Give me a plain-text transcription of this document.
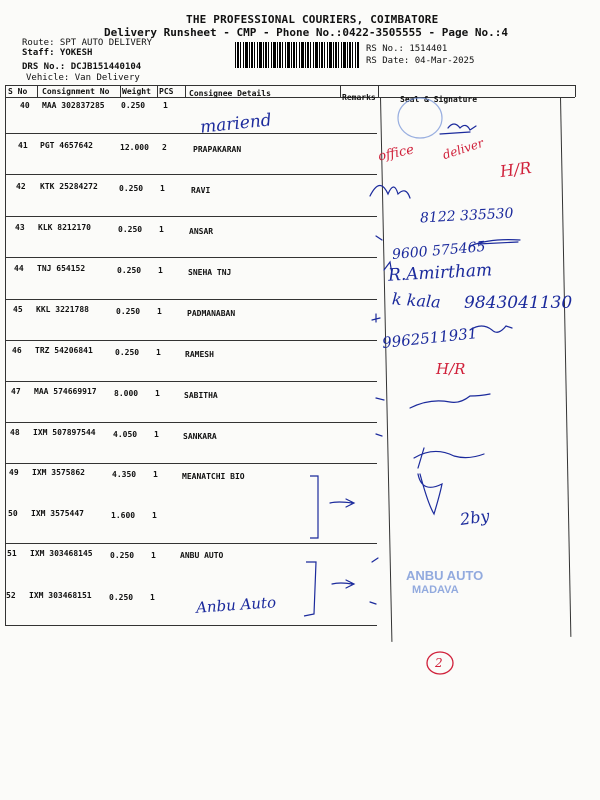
THE PROFESSIONAL COURIERS, COIMBATORE
Delivery Runsheet - CMP - Phone No.:0422-3505555 - Page No.:4
Route: SPT AUTO DELIVERY
Staff: YOKESH
DRS No.: DCJB151440104
Vehicle: Van Delivery
RS No.: 1514401
RS Date: 04-Mar-2025
S No Consignment No Weight PCS Consignee Details	Remarks	Seal & Signature
40 MAA 302837285 0.250 1
41 PGT 4657642	12.000 2	PRAPAKARAN
42 KTK 25284272	0.250 1	RAVI
43 KLK 8212170	0.250 1	ANSAR
44 TNJ 654152	0.250 1	SNEHA TNJ
45 KKL 3221788	0.250 1	PADMANABAN
46 TRZ 54206841	0.250 1	RAMESH
47 MAA 574669917 8.000 1	SABITHA
48 IXM 507897544 4.050 1	SANKARA
49 IXM 3575862	4.350 1	MEANATCHI BIO
50 IXM 3575447	1.600 1
51 IXM 303468145 0.250 1	ANBU AUTO
52 IXM 303468151 0.250 1
mariend
office deliver
H/R
8122 335530
9600 575465
R.Amirtham
k kala 9843041130
9962511931
H/R
2by
Anbu Auto
ANBU AUTO
MADAVA
2
